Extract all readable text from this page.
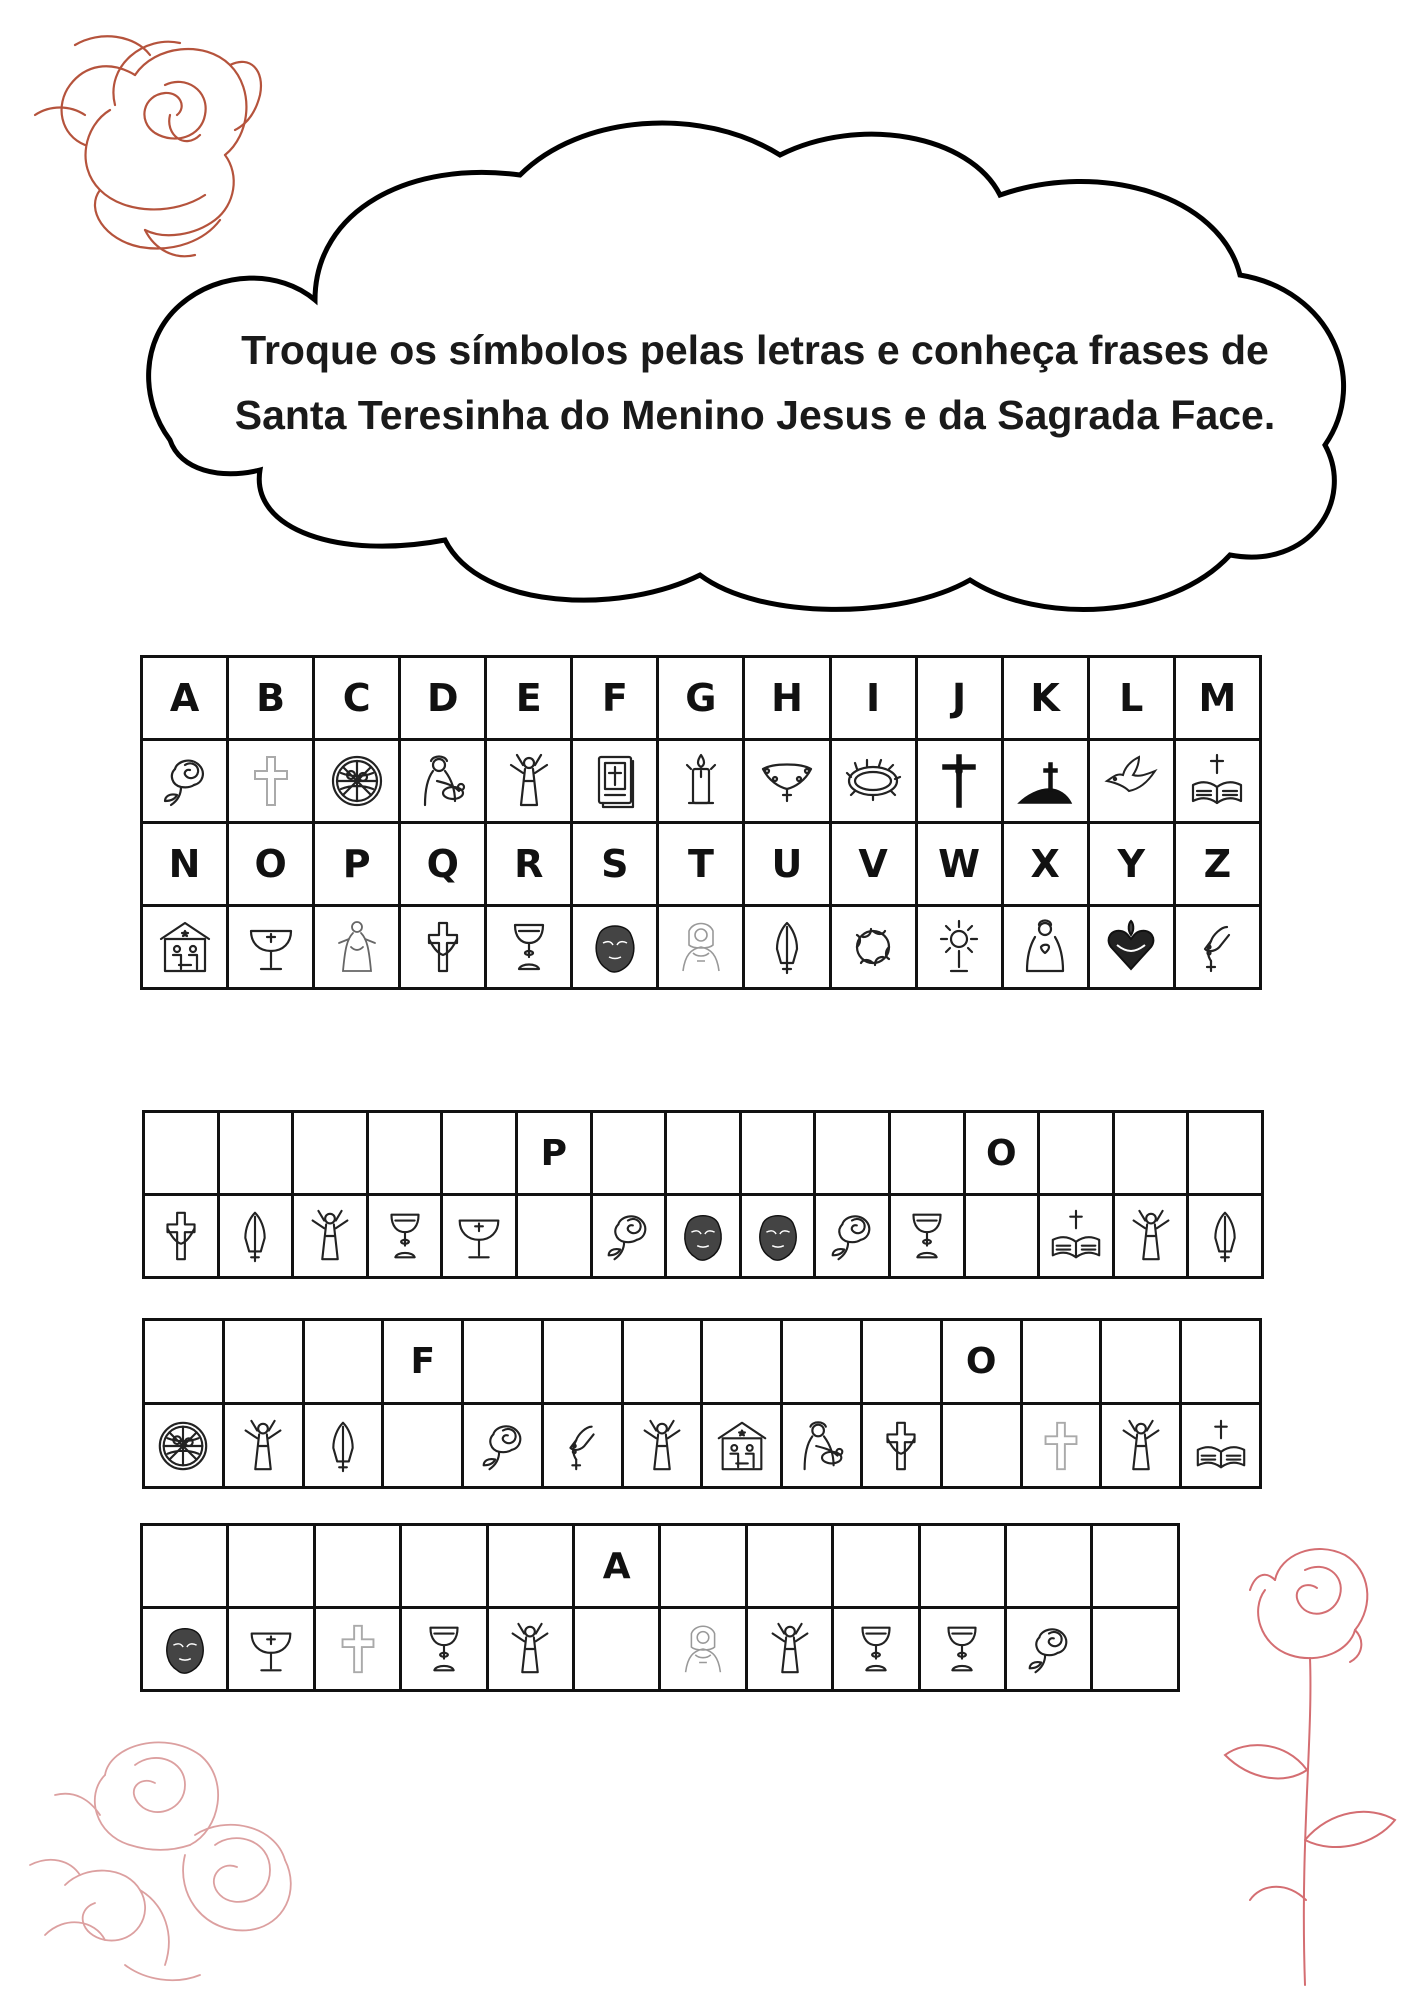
Troque os símbolos pelas letras e conheça frases de Santa Teresinha do Menino Jesus e da Sagrada Face.
A	B	C	D	E	F	G	H	I	J	K	L	M

N	O	P	Q	R	S	T	U	V	W	X	Y	Z

					P						O			

			F							O			

					A						
